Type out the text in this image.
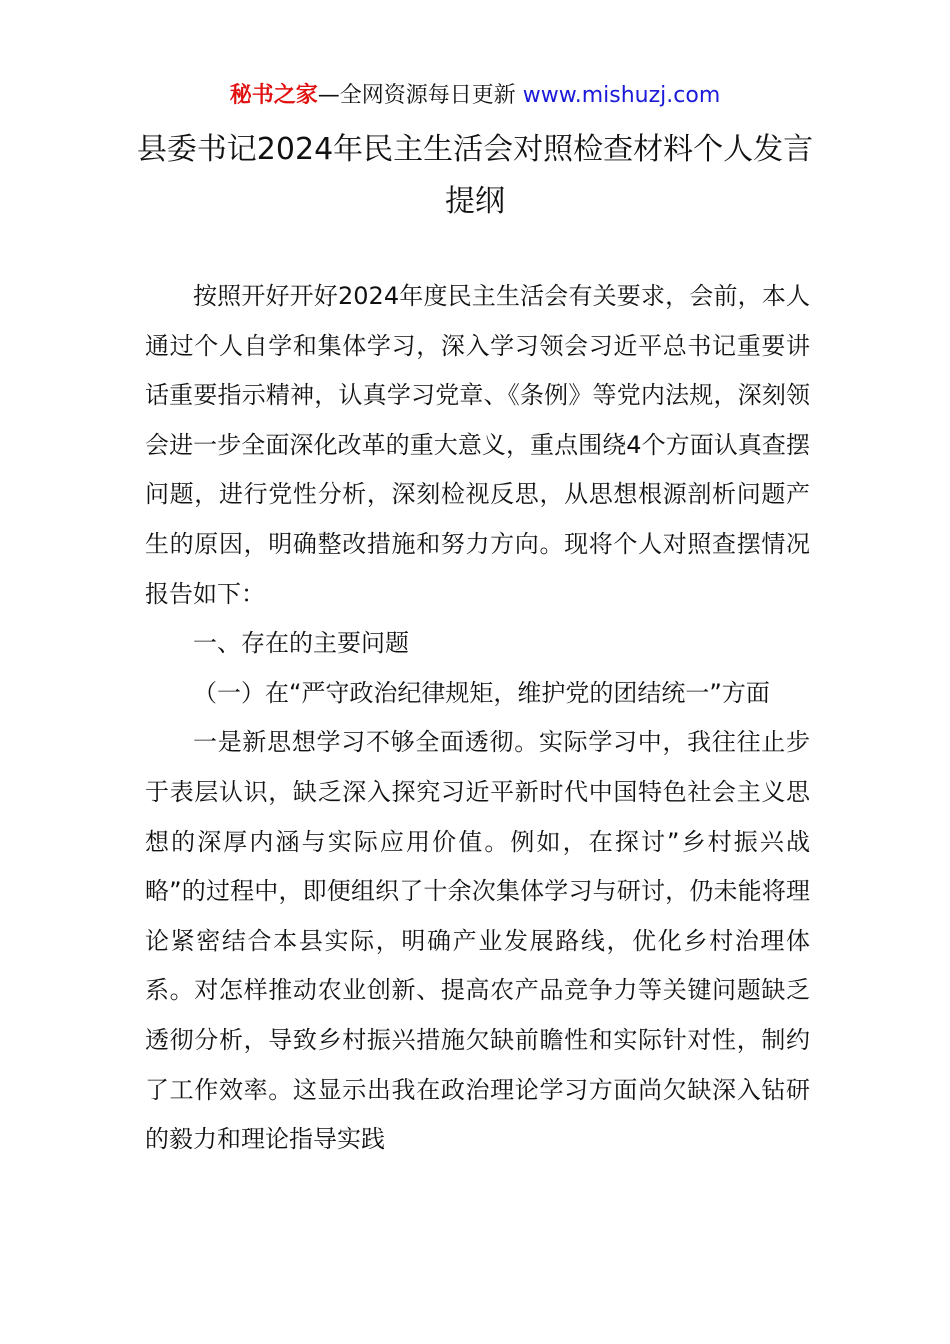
秘书之家—全网资源每日更新 www.mishuzj.com
县委书记2024年民主生活会对照检查材料个人发言提纲

按照开好开好2024年度民主生活会有关要求，会前，本人通过个人自学和集体学习，深入学习领会习近平总书记重要讲话重要指示精神，认真学习党章、《条例》等党内法规，深刻领会进一步全面深化改革的重大意义，重点围绕4个方面认真查摆问题，进行党性分析，深刻检视反思，从思想根源剖析问题产生的原因，明确整改措施和努力方向。现将个人对照查摆情况报告如下：

一、存在的主要问题

（一）在“严守政治纪律规矩，维护党的团结统一”方面

一是新思想学习不够全面透彻。实际学习中，我往往止步于表层认识，缺乏深入探究习近平新时代中国特色社会主义思想的深厚内涵与实际应用价值。例如，在探讨”乡村振兴战略”的过程中，即便组织了十余次集体学习与研讨，仍未能将理论紧密结合本县实际，明确产业发展路线，优化乡村治理体系。对怎样推动农业创新、提高农产品竞争力等关键问题缺乏透彻分析，导致乡村振兴措施欠缺前瞻性和实际针对性，制约了工作效率。这显示出我在政治理论学习方面尚欠缺深入钻研的毅力和理论指导实践
